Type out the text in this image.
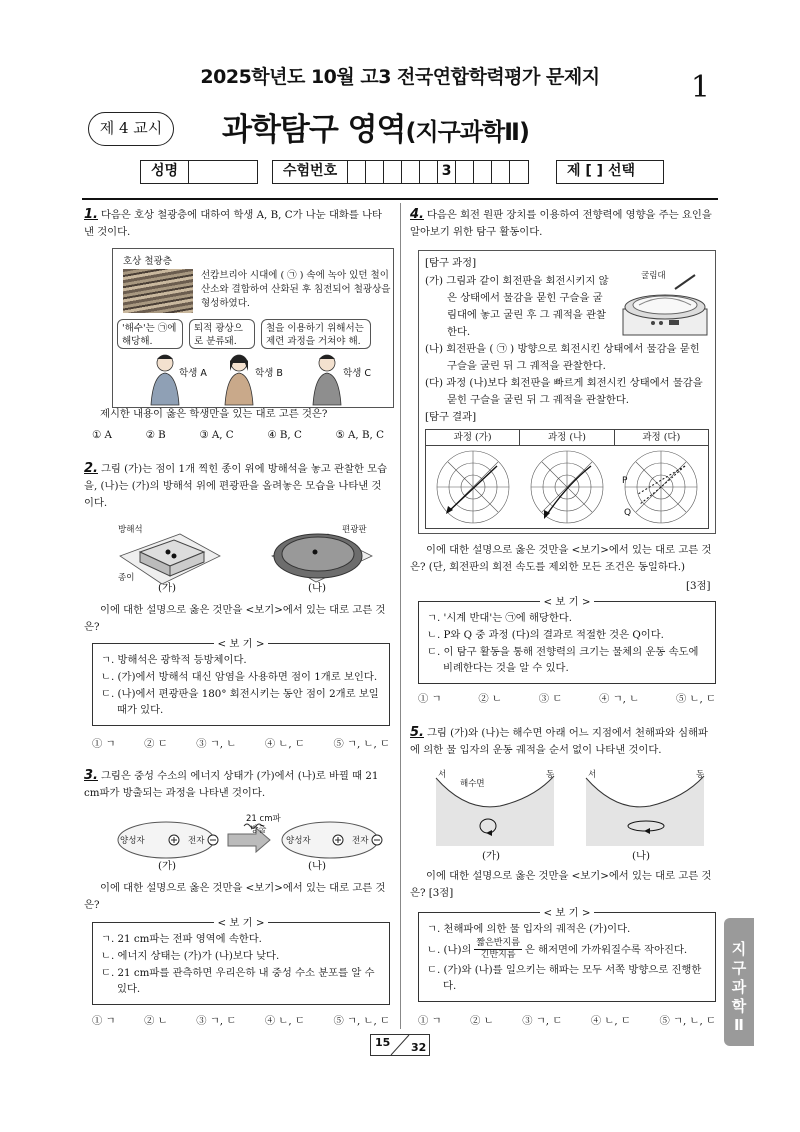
2025학년도 10월 고3 전국연합학력평가 문제지	1
제 4 교시	과학탐구 영역(지구과학Ⅱ)
성명	수험번호	3	제 [ ] 선택
1. 다음은 호상 철광층에 대하여 학생 A, B, C가 나눈 대화를 나타낸 것이다.
호상 철광층
선캄브리아 시대에 ( ㉠ ) 속에 녹아 있던 철이 산소와 결합하여 산화된 후 침전되어 철광상을 형성하였다.
'해수'는 ㉠에 해당해.
퇴적 광상으로 분류돼.
철을 이용하기 위해서는 제련 과정을 거쳐야 해.
학생 A	학생 B	학생 C
제시한 내용이 옳은 학생만을 있는 대로 고른 것은?
① A	② B	③ A, C	④ B, C	⑤ A, B, C
2. 그림 (가)는 점이 1개 찍힌 종이 위에 방해석을 놓고 관찰한 모습을, (나)는 (가)의 방해석 위에 편광판을 올려놓은 모습을 나타낸 것이다.
방해석
종이
편광판
(가)	(나)
이에 대한 설명으로 옳은 것만을 <보기>에서 있는 대로 고른 것은?
< 보 기 >

ㄱ. 방해석은 광학적 등방체이다.

ㄴ. (가)에서 방해석 대신 암염을 사용하면 점이 1개로 보인다.

ㄷ. (나)에서 편광판을 180° 회전시키는 동안 점이 2개로 보일 때가 있다.

① ㄱ	② ㄷ	③ ㄱ, ㄴ	④ ㄴ, ㄷ	⑤ ㄱ, ㄴ, ㄷ
3. 그림은 중성 수소의 에너지 상태가 (가)에서 (나)로 바뀔 때 21 cm파가 방출되는 과정을 나타낸 것이다.
양성자	전자	양성자	전자
21 cm파
방출
(가)	(나)
이에 대한 설명으로 옳은 것만을 <보기>에서 있는 대로 고른 것은?
< 보 기 >

ㄱ. 21 cm파는 전파 영역에 속한다.

ㄴ. 에너지 상태는 (가)가 (나)보다 낮다.

ㄷ. 21 cm파를 관측하면 우리은하 내 중성 수소 분포를 알 수 있다.

① ㄱ	② ㄴ	③ ㄱ, ㄷ	④ ㄴ, ㄷ	⑤ ㄱ, ㄴ, ㄷ
4. 다음은 회전 원판 장치를 이용하여 전향력에 영향을 주는 요인을 알아보기 위한 탐구 활동이다.
[탐구 과정]
(가) 그림과 같이 회전판을 회전시키지 않은 상태에서 물감을 묻힌 구슬을 굴림대에 놓고 굴린 후 그 궤적을 관찰한다.
(나) 회전판을 ( ㉠ ) 방향으로 회전시킨 상태에서 물감을 묻힌 구슬을 굴린 뒤 그 궤적을 관찰한다.
(다) 과정 (나)보다 회전판을 빠르게 회전시킨 상태에서 물감을 묻힌 구슬을 굴린 뒤 그 궤적을 관찰한다.
굴림대
[탐구 결과]
과정 (가)	과정 (나)	과정 (다)
P
Q
이에 대한 설명으로 옳은 것만을 <보기>에서 있는 대로 고른 것은? (단, 회전판의 회전 속도를 제외한 모든 조건은 동일하다.)
[3점]
< 보 기 >

ㄱ. '시계 반대'는 ㉠에 해당한다.

ㄴ. P와 Q 중 과정 (다)의 결과로 적절한 것은 Q이다.

ㄷ. 이 탐구 활동을 통해 전향력의 크기는 물체의 운동 속도에 비례한다는 것을 알 수 있다.

① ㄱ	② ㄴ	③ ㄷ	④ ㄱ, ㄴ	⑤ ㄴ, ㄷ
5. 그림 (가)와 (나)는 해수면 아래 어느 지점에서 천해파와 심해파에 의한 물 입자의 운동 궤적을 순서 없이 나타낸 것이다.
서	동
해수면
서	동
(가)	(나)
이에 대한 설명으로 옳은 것만을 <보기>에서 있는 대로 고른 것은? [3점]
< 보 기 >

ㄱ. 천해파에 의한 물 입자의 궤적은 (가)이다.

ㄴ. (나)의
짧은반지름
긴반지름 은 해저면에 가까워질수록 작아진다.

ㄷ. (가)와 (나)를 일으키는 해파는 모두 서쪽 방향으로 진행한다.

① ㄱ	② ㄴ	③ ㄱ, ㄷ	④ ㄴ, ㄷ	⑤ ㄱ, ㄴ, ㄷ
지구과학Ⅱ
15 32
